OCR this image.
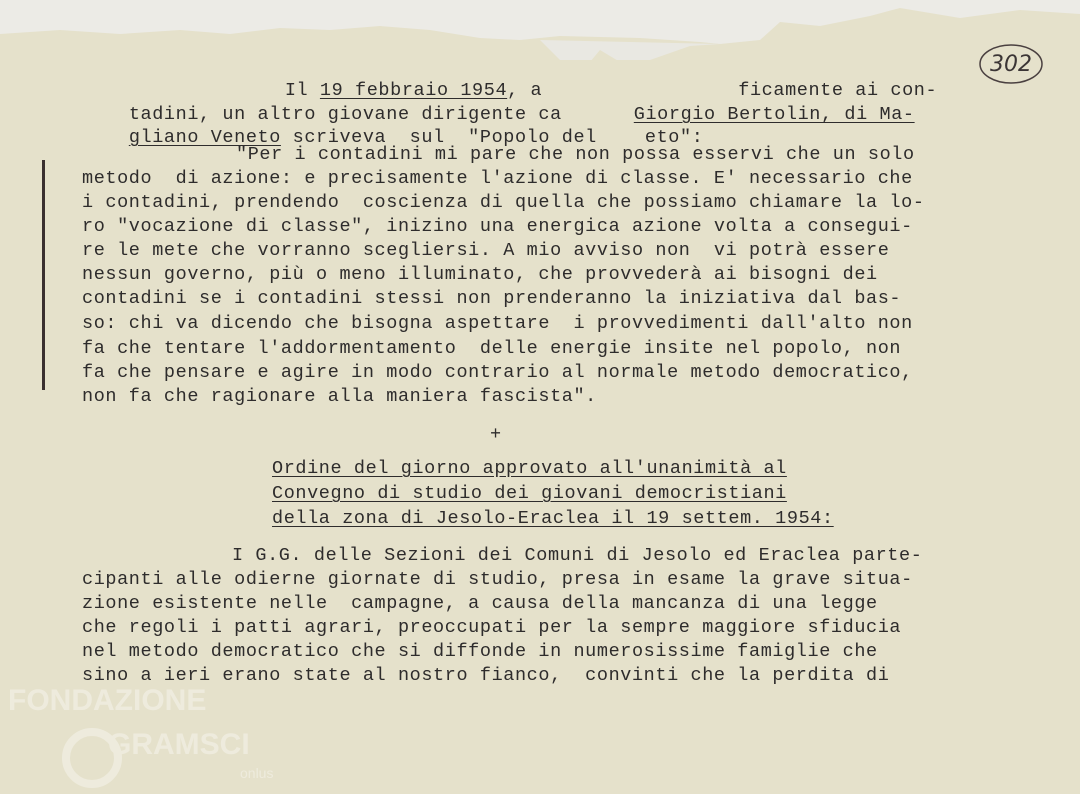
302

Il 19 febbraio 1954, a	ficamente ai con-

tadini, un altro giovane dirigente ca	Giorgio Bertolin, di Ma-

gliano Veneto scriveva  sul  "Popolo del	eto":

"Per i contadini mi pare che non possa esservi che un solo
metodo  di azione: e precisamente l'azione di classe. E' necessario che
i contadini, prendendo  coscienza di quella che possiamo chiamare la lo-
ro "vocazione di classe", inizino una energica azione volta a consegui-
re le mete che vorranno scegliersi. A mio avviso non  vi potrà essere
nessun governo, più o meno illuminato, che provvederà ai bisogni dei
contadini se i contadini stessi non prenderanno la iniziativa dal bas-
so: chi va dicendo che bisogna aspettare  i provvedimenti dall'alto non
fa che tentare l'addormentamento  delle energie insite nel popolo, non
fa che pensare e agire in modo contrario al normale metodo democratico,
non fa che ragionare alla maniera fascista".
+
Ordine del giorno approvato all'unanimità al
Convegno di studio dei giovani democristiani
della zona di Jesolo-Eraclea il 19 settem. 1954:
I G.G. delle Sezioni dei Comuni di Jesolo ed Eraclea parte-
cipanti alle odierne giornate di studio, presa in esame la grave situa-
zione esistente nelle  campagne, a causa della mancanza di una legge
che regoli i patti agrari, preoccupati per la sempre maggiore sfiducia
nel metodo democratico che si diffonde in numerosissime famiglie che
sino a ieri erano state al nostro fianco,  convinti che la perdita di
FONDAZIONE
GRAMSCI
onlus
